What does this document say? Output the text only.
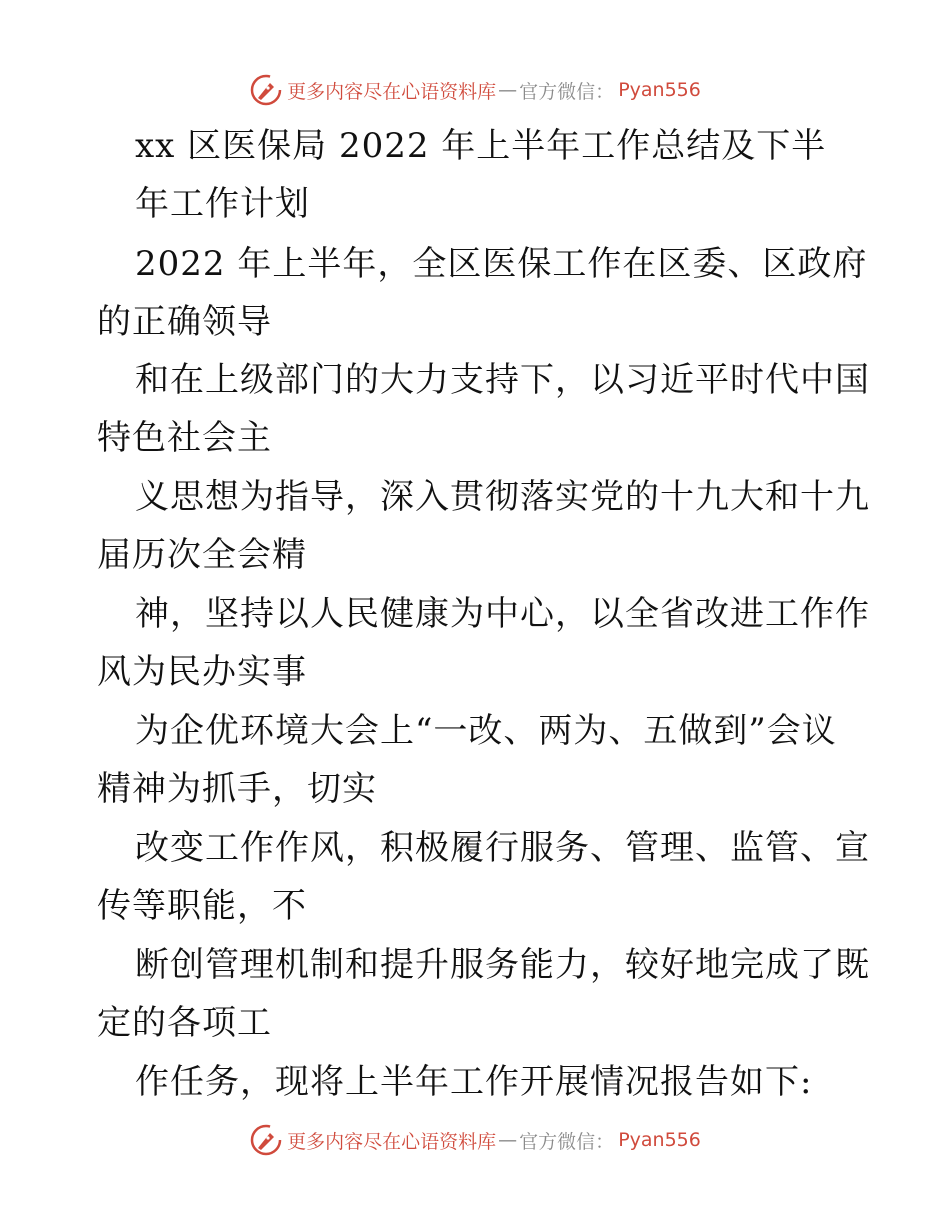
更多内容尽在心语资料库 — 官方微信： Pyan556
xx 区医保局 2022 年上半年工作总结及下半
年工作计划
2022 年上半年，全区医保工作在区委、区政府
的正确领导
和在上级部门的大力支持下，以习近平时代中国
特色社会主
义思想为指导，深入贯彻落实党的十九大和十九
届历次全会精
神，坚持以人民健康为中心，以全省改进工作作
风为民办实事
为企优环境大会上“一改、两为、五做到”会议
精神为抓手，切实
改变工作作风，积极履行服务、管理、监管、宣
传等职能，不
断创管理机制和提升服务能力，较好地完成了既
定的各项工
作任务，现将上半年工作开展情况报告如下:
更多内容尽在心语资料库 — 官方微信： Pyan556
